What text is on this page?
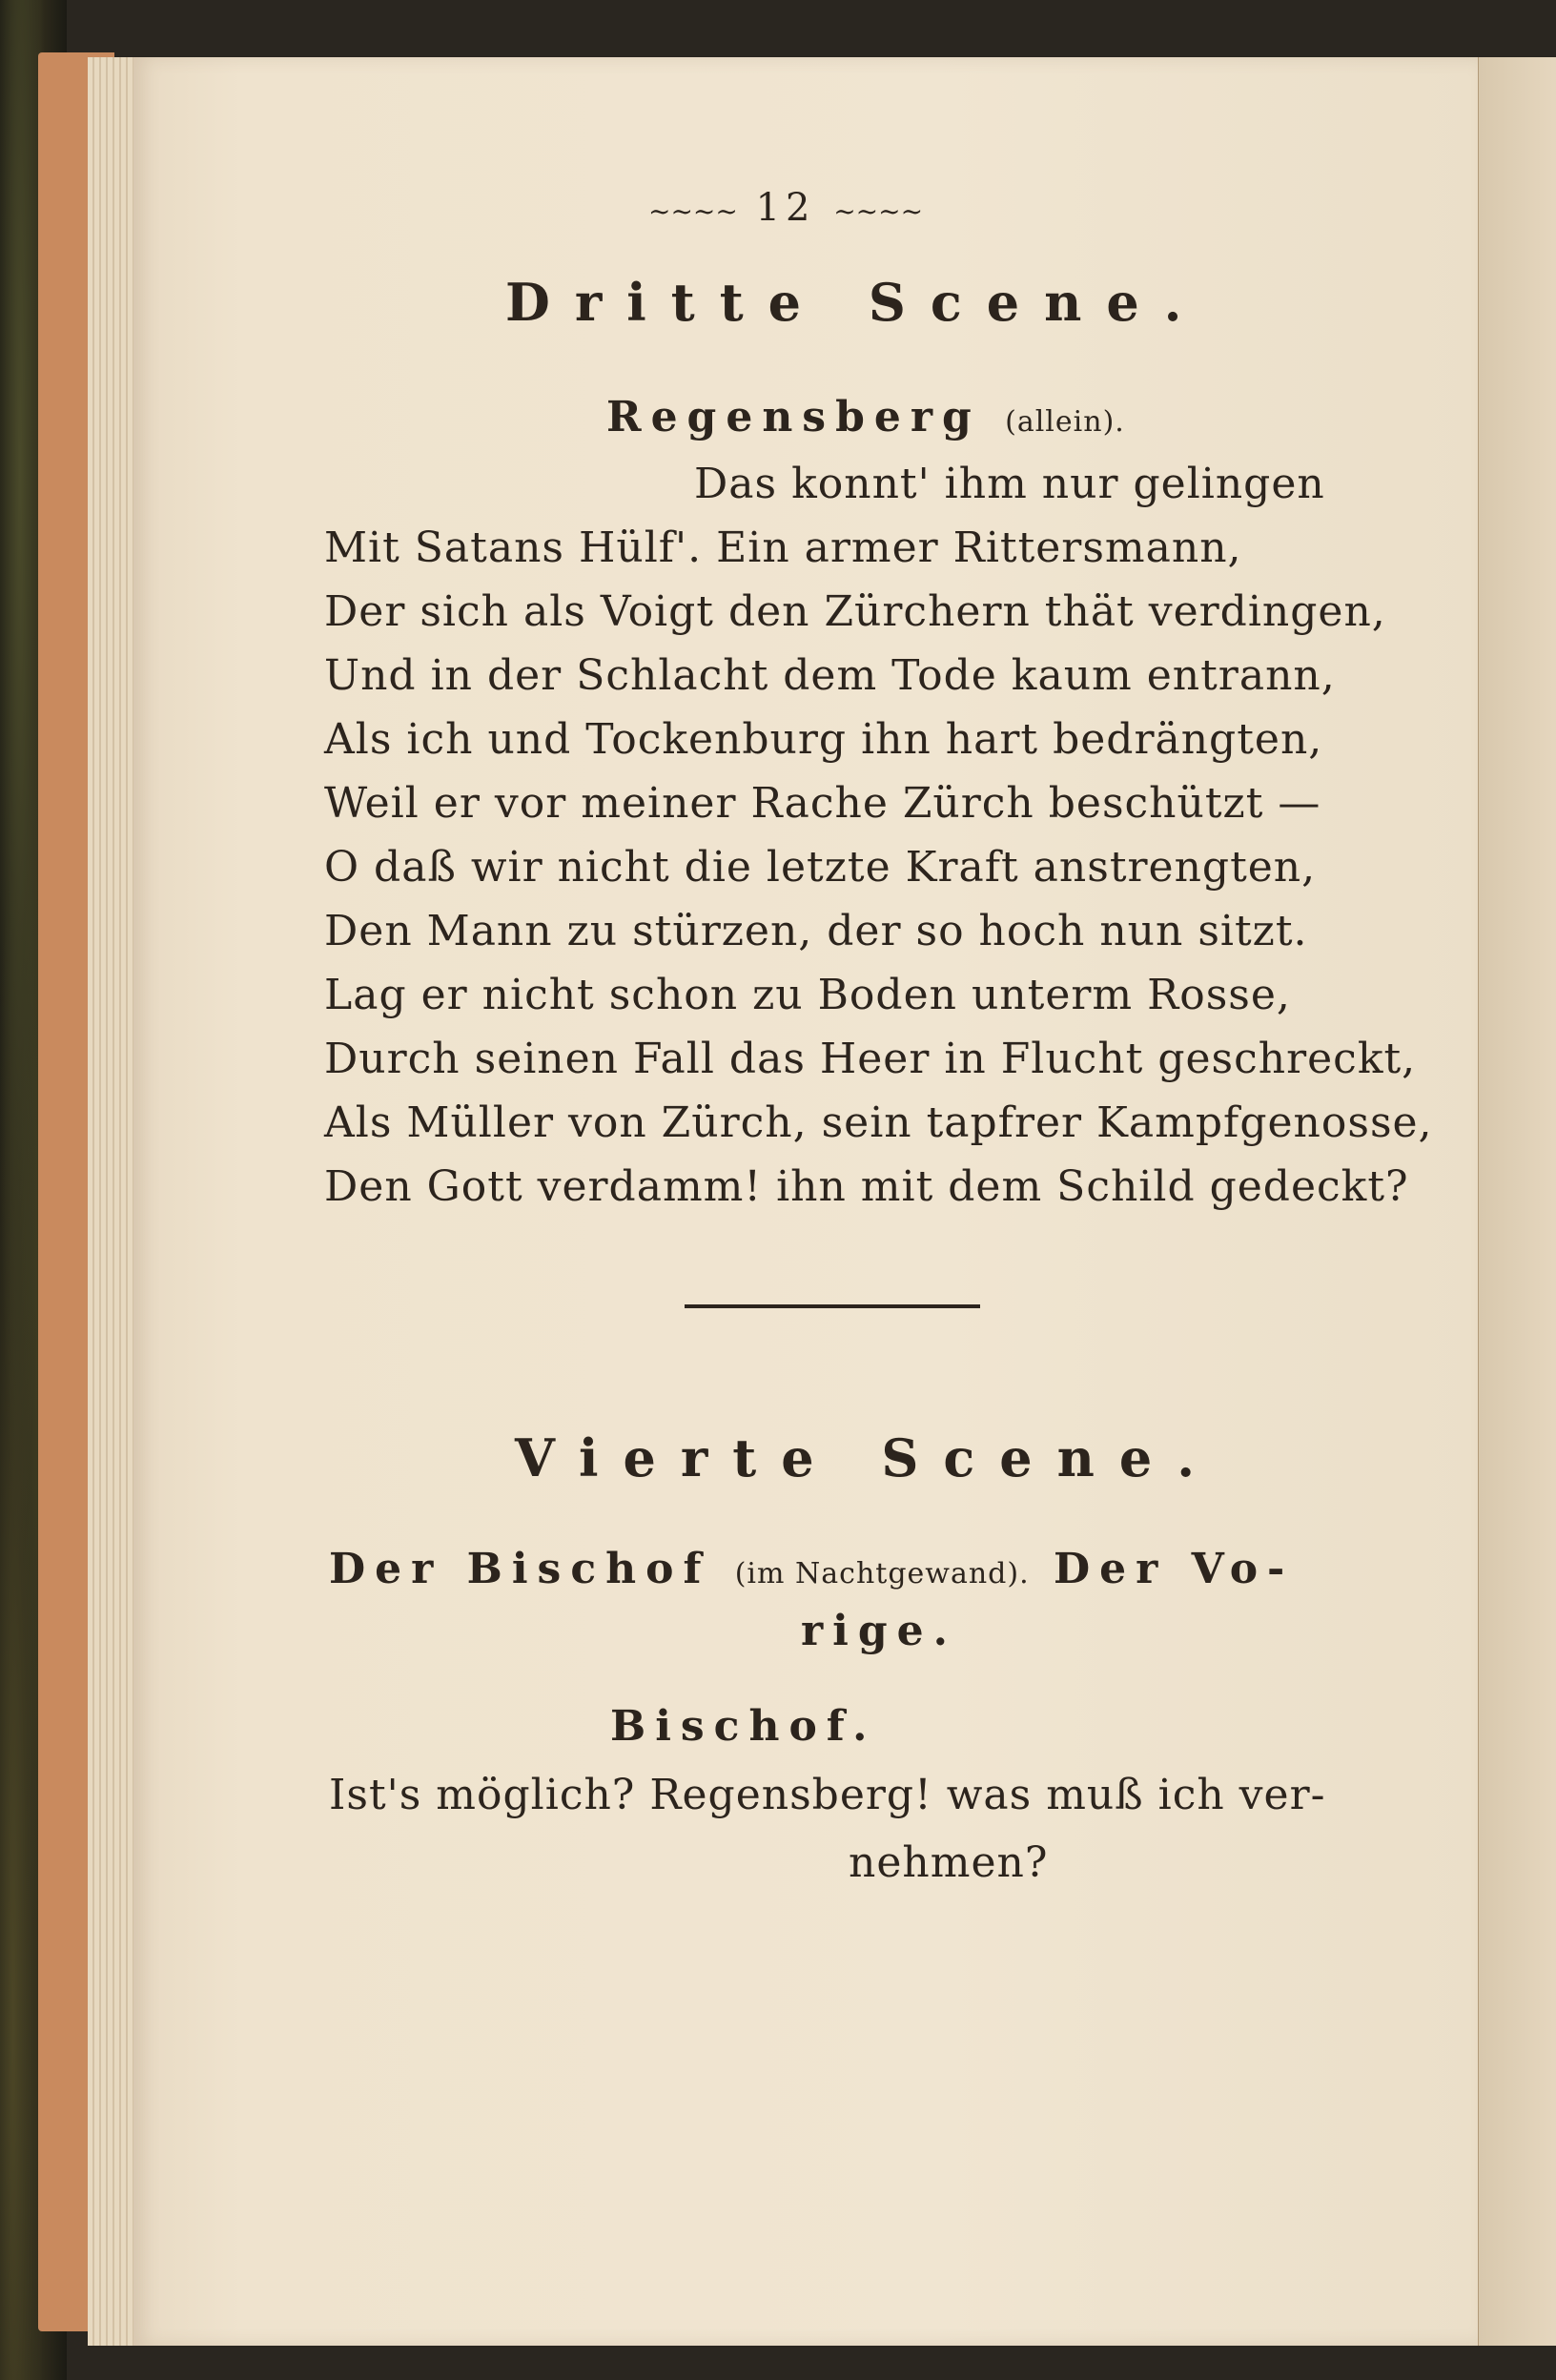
~~~~ 12 ~~~~
Dritte Scene.
Regensberg (allein).
Das konnt' ihm nur gelingen
Mit Satans Hülf'. Ein armer Rittersmann,
Der sich als Voigt den Zürchern thät verdingen,
Und in der Schlacht dem Tode kaum entrann,
Als ich und Tockenburg ihn hart bedrängten,
Weil er vor meiner Rache Zürch beschützt —
O daß wir nicht die letzte Kraft anstrengten,
Den Mann zu stürzen, der so hoch nun sitzt.
Lag er nicht schon zu Boden unterm Rosse,
Durch seinen Fall das Heer in Flucht geschreckt,
Als Müller von Zürch, sein tapfrer Kampfgenosse,
Den Gott verdamm! ihn mit dem Schild gedeckt?
Vierte Scene.
Der Bischof (im Nachtgewand). Der Vo-
rige.
Bischof.
Ist's möglich? Regensberg! was muß ich ver-
nehmen?
